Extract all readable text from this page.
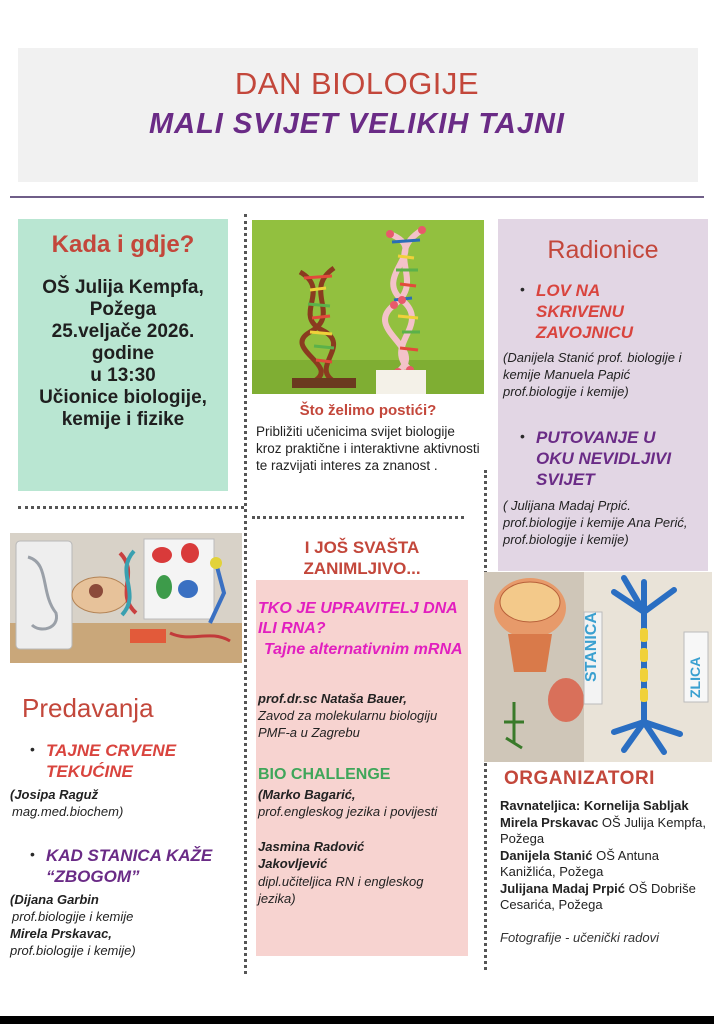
DAN BIOLOGIJE
MALI SVIJET VELIKIH TAJNI
Kada i gdje?
OŠ Julija Kempfa,
Požega
25.veljače 2026.
godine
u 13:30
Učionice biologije,
kemije i fizike	Što želimo postići?
Približiti učenicima svijet biologije kroz praktične i interaktivne aktivnosti te razvijati interes za znanost .
Radionice
• LOV NA SKRIVENU ZAVOJNICU
(Danijela Stanić prof. biologije i kemije Manuela Papić prof.biologije i kemije)
• PUTOVANJE U OKU NEVIDLJIVI SVIJET
( Julijana Madaj Prpić. prof.biologije i kemije Ana Perić, prof.biologije i kemije)
I JOŠ SVAŠTA ZANIMLJIVO...
TKO JE UPRAVITELJ DNA ILI RNA?
Tajne alternativnim mRNA
prof.dr.sc Nataša Bauer,
Zavod za molekularnu biologiju PMF-a u Zagrebu
BIO CHALLENGE
(Marko Bagarić,
prof.engleskog jezika i povijesti
Jasmina Radović Jakovljević
dipl.učiteljica RN i engleskog jezika)
Predavanja
• TAJNE CRVENE TEKUĆINE
(Josipa Raguž
mag.med.biochem)
• KAD STANICA KAŽE “ZBOGOM”
(Dijana Garbin
prof.biologije i kemije
Mirela Prskavac,
prof.biologije i kemije)
STANICA	ZLICA
ORGANIZATORI
Ravnateljica: Kornelija Sabljak
Mirela Prskavac OŠ Julija Kempfa, Požega
Danijela Stanić OŠ Antuna Kanižlića, Požega
Julijana Madaj Prpić OŠ Dobriše Cesarića, Požega
Fotografije - učenički radovi
